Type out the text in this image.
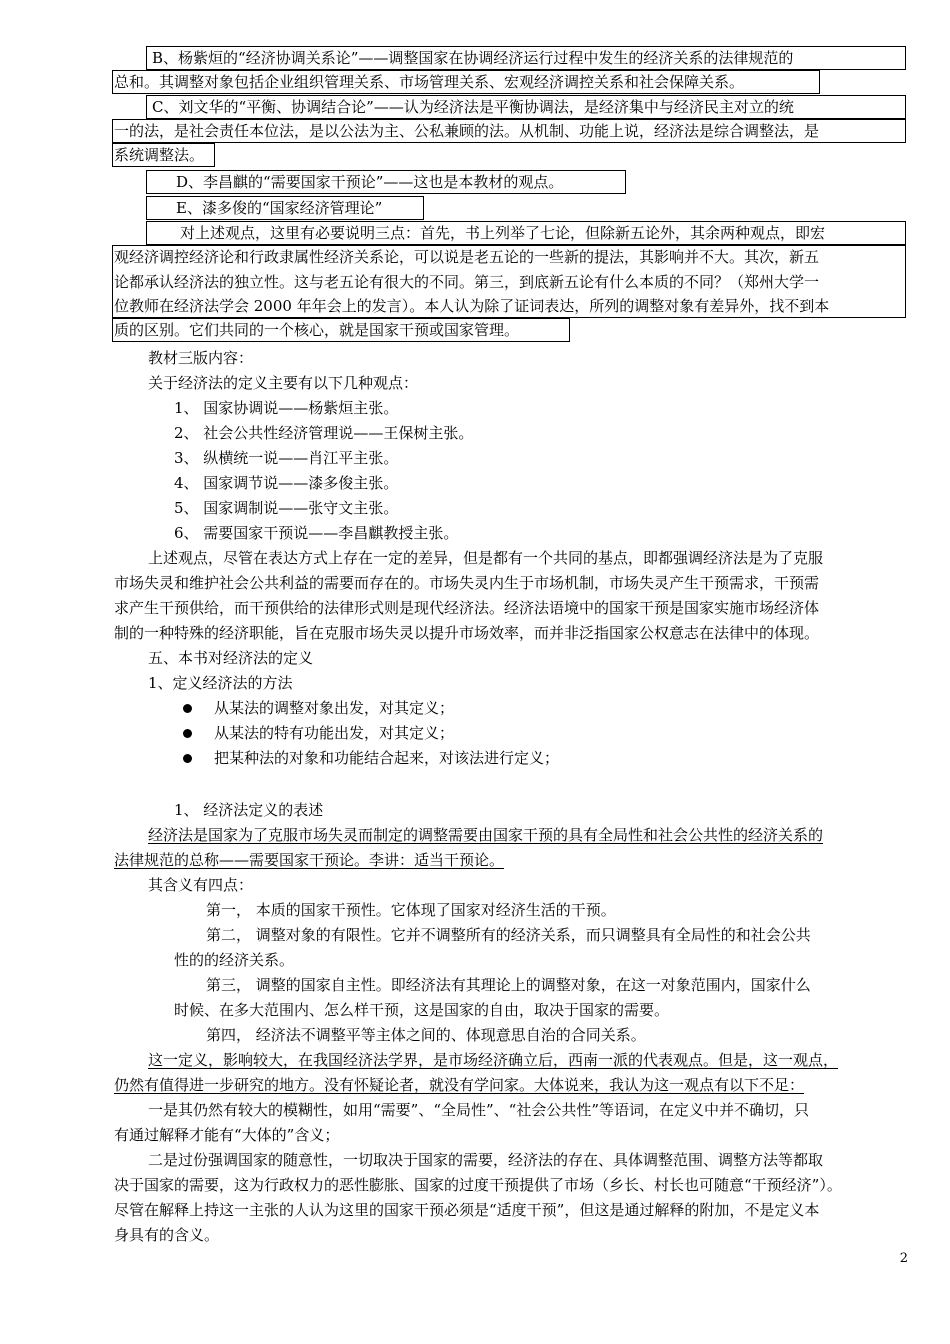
B、杨紫烜的“经济协调关系论”——调整国家在协调经济运行过程中发生的经济关系的法律规范的
总和。其调整对象包括企业组织管理关系、市场管理关系、宏观经济调控关系和社会保障关系。
C、刘文华的“平衡、协调结合论”——认为经济法是平衡协调法，是经济集中与经济民主对立的统
一的法，是社会责任本位法，是以公法为主、公私兼顾的法。从机制、功能上说，经济法是综合调整法，是
系统调整法。
D、李昌麒的“需要国家干预论”——这也是本教材的观点。
E、漆多俊的“国家经济管理论”
对上述观点，这里有必要说明三点：首先，书上列举了七论，但除新五论外，其余两种观点，即宏
观经济调控经济论和行政隶属性经济关系论，可以说是老五论的一些新的提法，其影响并不大。其次，新五
论都承认经济法的独立性。这与老五论有很大的不同。第三，到底新五论有什么本质的不同？（郑州大学一
位教师在经济法学会 2000 年年会上的发言）。本人认为除了证词表达，所列的调整对象有差异外，找不到本
质的区别。它们共同的一个核心，就是国家干预或国家管理。
教材三版内容：
关于经济法的定义主要有以下几种观点：
1、 国家协调说——杨紫烜主张。
2、 社会公共性经济管理说——王保树主张。
3、 纵横统一说——肖江平主张。
4、 国家调节说——漆多俊主张。
5、 国家调制说——张守文主张。
6、 需要国家干预说——李昌麒教授主张。
上述观点，尽管在表达方式上存在一定的差异，但是都有一个共同的基点，即都强调经济法是为了克服
市场失灵和维护社会公共利益的需要而存在的。市场失灵内生于市场机制，市场失灵产生干预需求，干预需
求产生干预供给，而干预供给的法律形式则是现代经济法。经济法语境中的国家干预是国家实施市场经济体
制的一种特殊的经济职能，旨在克服市场失灵以提升市场效率，而并非泛指国家公权意志在法律中的体现。
五、本书对经济法的定义
1、定义经济法的方法
从某法的调整对象出发，对其定义；
从某法的特有功能出发，对其定义；
把某种法的对象和功能结合起来，对该法进行定义；
1、 经济法定义的表述
经济法是国家为了克服市场失灵而制定的调整需要由国家干预的具有全局性和社会公共性的经济关系的
法律规范的总称——需要国家干预论。李讲：适当干预论。
其含义有四点：
第一， 本质的国家干预性。它体现了国家对经济生活的干预。
第二， 调整对象的有限性。它并不调整所有的经济关系，而只调整具有全局性的和社会公共
性的的经济关系。
第三， 调整的国家自主性。即经济法有其理论上的调整对象，在这一对象范围内，国家什么
时候、在多大范围内、怎么样干预，这是国家的自由，取决于国家的需要。
第四， 经济法不调整平等主体之间的、体现意思自治的合同关系。
这一定义，影响较大，在我国经济法学界，是市场经济确立后，西南一派的代表观点。但是，这一观点，
仍然有值得进一步研究的地方。没有怀疑论者，就没有学问家。大体说来，我认为这一观点有以下不足：
一是其仍然有较大的模糊性，如用“需要”、“全局性”、“社会公共性”等语词，在定义中并不确切，只
有通过解释才能有“大体的”含义；
二是过份强调国家的随意性，一切取决于国家的需要，经济法的存在、具体调整范围、调整方法等都取
决于国家的需要，这为行政权力的恶性膨胀、国家的过度干预提供了市场（乡长、村长也可随意“干预经济”）。
尽管在解释上持这一主张的人认为这里的国家干预必须是“适度干预”，但这是通过解释的附加，不是定义本
身具有的含义。
2
